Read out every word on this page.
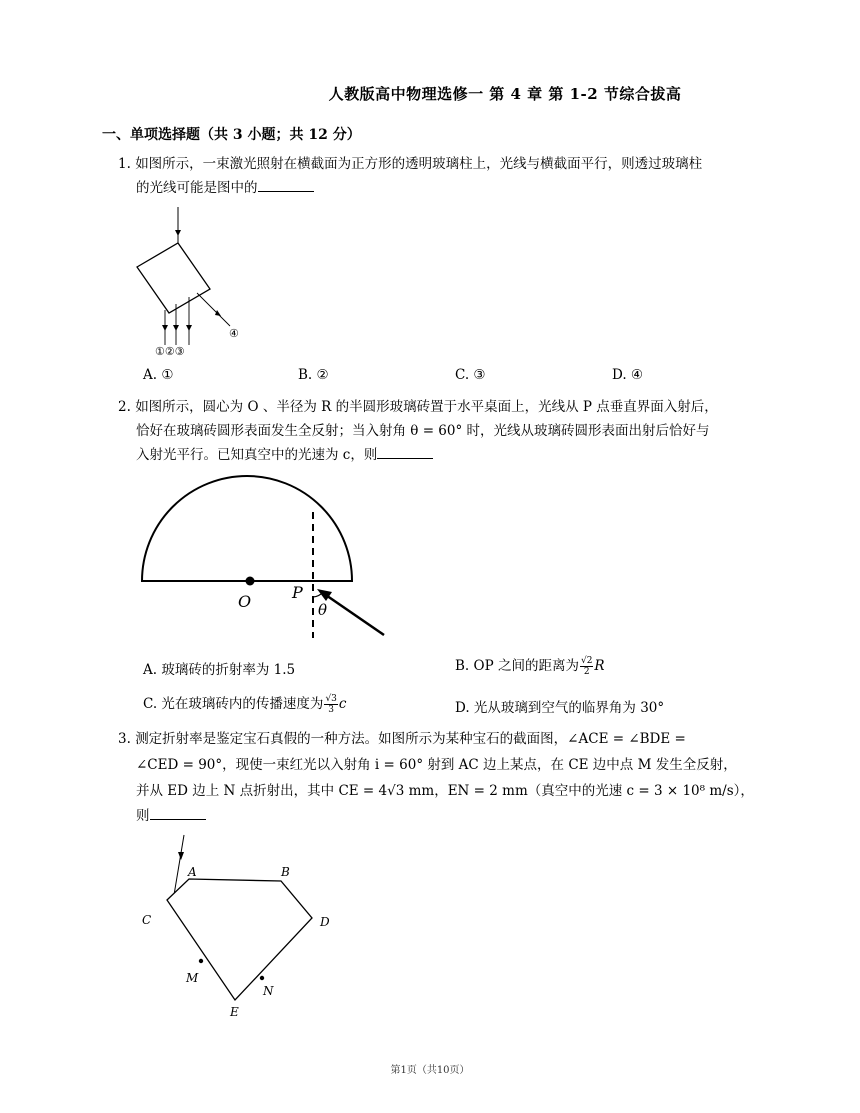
人教版高中物理选修一 第 4 章 第 1-2 节综合拔高
一、单项选择题（共 3 小题；共 12 分）
1. 如图所示，一束激光照射在横截面为正方形的透明玻璃柱上，光线与横截面平行，则透过玻璃柱
的光线可能是图中的
①②③
④
A. ①	B. ②	C. ③	D. ④
2. 如图所示，圆心为 O 、半径为 R 的半圆形玻璃砖置于水平桌面上，光线从 P 点垂直界面入射后，
恰好在玻璃砖圆形表面发生全反射；当入射角 θ = 60° 时，光线从玻璃砖圆形表面出射后恰好与
入射光平行。已知真空中的光速为 c，则
O	P
θ
A. 玻璃砖的折射率为 1.5	B. OP 之间的距离为 $\frac{√2}{2}$ R
C. 光在玻璃砖内的传播速度为 $\frac{√3}{3}$ c	D. 光从玻璃到空气的临界角为 30°
3. 测定折射率是鉴定宝石真假的一种方法。如图所示为某种宝石的截面图，∠ACE = ∠BDE =
∠CED = 90°，现使一束红光以入射角 i = 60° 射到 AC 边上某点，在 CE 边中点 M 发生全反射，
并从 ED 边上 N 点折射出，其中 CE = 4√3 mm，EN = 2 mm（真空中的光速 c = 3 × 10⁸ m/s），
则
A	B
C	D
E
M
N
第1页（共10页）
